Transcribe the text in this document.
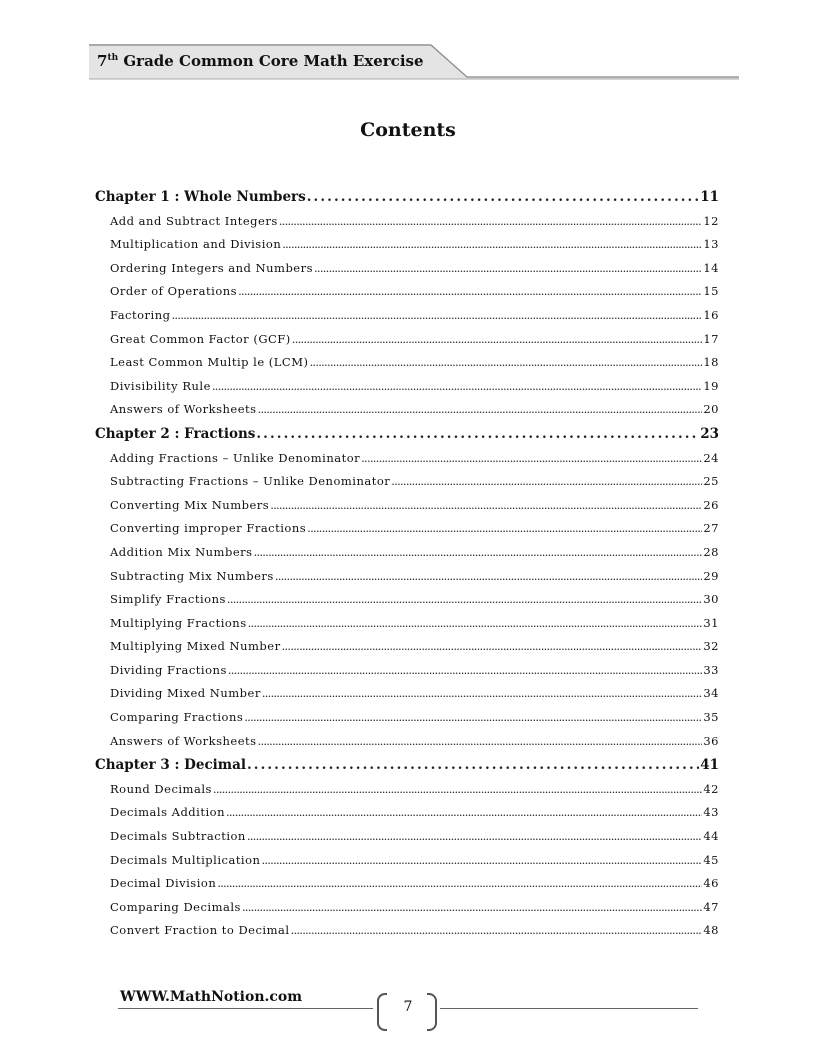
7th Grade Common Core Math Exercise
Contents
Chapter 1 : Whole Numbers . . .	11
Add and Subtract Integers . . .	12
Multiplication and Division . . .	13
Ordering Integers and Numbers . . .	14
Order of Operations . . .	15
Factoring . . .	16
Great Common Factor (GCF) . . .	17
Least Common Multip le (LCM) . . .	18
Divisibility Rule . . .	19
Answers of Worksheets . . .	20
Chapter 2 : Fractions . . .	23
Adding Fractions – Unlike Denominator . . .	24
Subtracting Fractions – Unlike Denominator . . .	25
Converting Mix Numbers . . .	26
Converting improper Fractions . . .	27
Addition Mix Numbers . . .	28
Subtracting Mix Numbers . . .	29
Simplify Fractions . . .	30
Multiplying Fractions . . .	31
Multiplying Mixed Number . . .	32
Dividing Fractions . . .	33
Dividing Mixed Number . . .	34
Comparing Fractions . . .	35
Answers of Worksheets . . .	36
Chapter 3 : Decimal . . .	41
Round Decimals . . .	42
Decimals Addition . . .	43
Decimals Subtraction . . .	44
Decimals Multiplication . . .	45
Decimal Division . . .	46
Comparing Decimals . . .	47
Convert Fraction to Decimal . . .	48
WWW.MathNotion.com
7
